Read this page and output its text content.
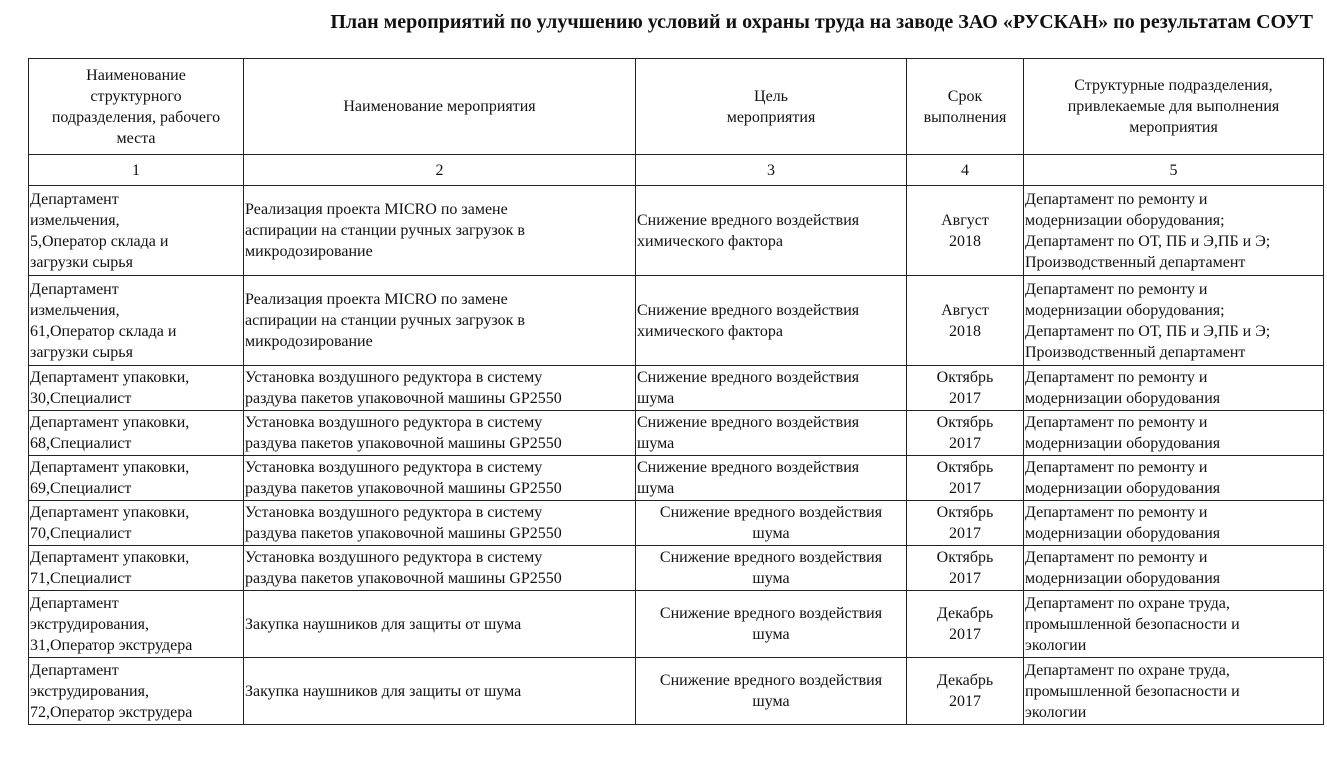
План мероприятий по улучшению условий и охраны труда на заводе ЗАО «РУСКАН» по результатам СОУТ
Наименование
структурного
подразделения, рабочего
места	Наименование мероприятия	Цель
мероприятия	Срок
выполнения	Структурные подразделения,
привлекаемые для выполнения
мероприятия

1	2	3	4	5

Департамент
измельчения,
5,Оператор склада и
загрузки сырья	Реализация проекта MICRO по замене
аспирации на станции ручных загрузок в
микродозирование	Снижение вредного воздействия
химического фактора	Август
2018	Департамент по ремонту и
модернизации оборудования;
Департамент по ОТ, ПБ и Э,ПБ и Э;
Производственный департамент

Департамент
измельчения,
61,Оператор склада и
загрузки сырья	Реализация проекта MICRO по замене
аспирации на станции ручных загрузок в
микродозирование	Снижение вредного воздействия
химического фактора	Август
2018	Департамент по ремонту и
модернизации оборудования;
Департамент по ОТ, ПБ и Э,ПБ и Э;
Производственный департамент

Департамент упаковки,
30,Специалист	Установка воздушного редуктора в систему
раздува пакетов упаковочной машины GP2550	Снижение вредного воздействия
шума	Октябрь
2017	Департамент по ремонту и
модернизации оборудования

Департамент упаковки,
68,Специалист	Установка воздушного редуктора в систему
раздува пакетов упаковочной машины GP2550	Снижение вредного воздействия
шума	Октябрь
2017	Департамент по ремонту и
модернизации оборудования

Департамент упаковки,
69,Специалист	Установка воздушного редуктора в систему
раздува пакетов упаковочной машины GP2550	Снижение вредного воздействия
шума	Октябрь
2017	Департамент по ремонту и
модернизации оборудования

Департамент упаковки,
70,Специалист	Установка воздушного редуктора в систему
раздува пакетов упаковочной машины GP2550	Снижение вредного воздействия
шума	Октябрь
2017	Департамент по ремонту и
модернизации оборудования

Департамент упаковки,
71,Специалист	Установка воздушного редуктора в систему
раздува пакетов упаковочной машины GP2550	Снижение вредного воздействия
шума	Октябрь
2017	Департамент по ремонту и
модернизации оборудования

Департамент
экструдирования,
31,Оператор экструдера	Закупка наушников для защиты от шума	Снижение вредного воздействия
шума	Декабрь
2017	Департамент по охране труда,
промышленной безопасности и
экологии

Департамент
экструдирования,
72,Оператор экструдера	Закупка наушников для защиты от шума	Снижение вредного воздействия
шума	Декабрь
2017	Департамент по охране труда,
промышленной безопасности и
экологии
